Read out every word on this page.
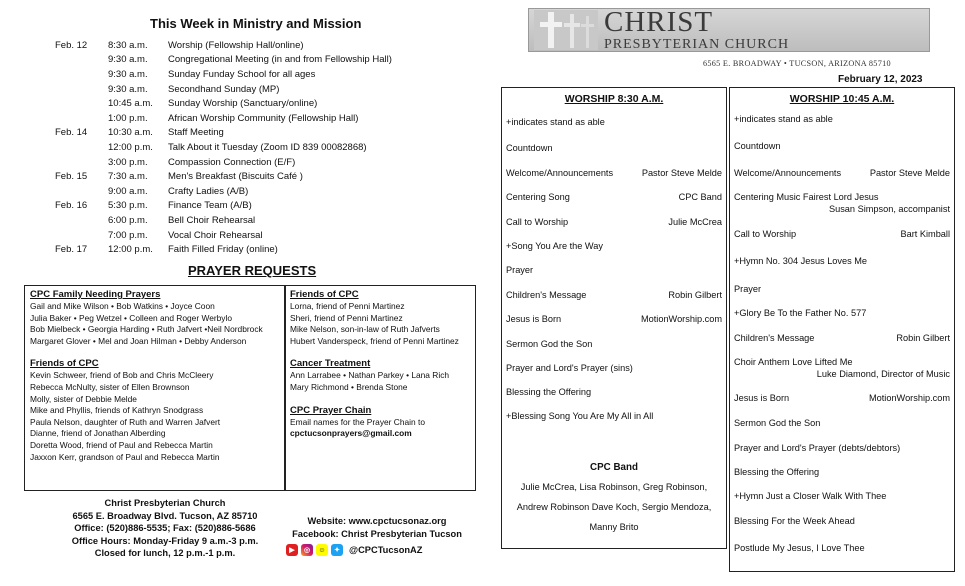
This Week in Ministry and Mission
Feb. 12	8:30 a.m.	Worship (Fellowship Hall/online)
9:30 a.m.	Congregational Meeting (in and from Fellowship Hall)
9:30 a.m.	Sunday Funday School for all ages
9:30 a.m.	Secondhand Sunday (MP)
10:45 a.m.	Sunday Worship (Sanctuary/online)
1:00 p.m.	African Worship Community (Fellowship Hall)
Feb. 14	10:30 a.m.	Staff Meeting
12:00 p.m.	Talk About it Tuesday (Zoom ID 839 00082868)
3:00 p.m.	Compassion Connection (E/F)
Feb. 15	7:30 a.m.	Men's Breakfast (Biscuits Café )
9:00 a.m.	Crafty Ladies (A/B)
Feb. 16	5:30 p.m.	Finance Team (A/B)
6:00 p.m.	Bell Choir Rehearsal
7:00 p.m.	Vocal Choir Rehearsal
Feb. 17	12:00 p.m.	Faith Filled Friday (online)
PRAYER REQUESTS
CPC Family Needing Prayers
Gail and Mike Wilson • Bob Watkins • Joyce Coon
Julia Baker • Peg Wetzel • Colleen and Roger Werbylo
Bob Mielbeck • Georgia Harding • Ruth Jafvert •Neil Nordbrock
Margaret Glover • Mel and Joan Hilman • Debby Anderson
Friends of CPC
Kevin Schweer, friend of Bob and Chris McCleery
Rebecca McNulty, sister of Ellen Brownson
Molly, sister of Debbie Melde
Mike and Phyllis, friends of Kathryn Snodgrass
Paula Nelson, daughter of Ruth and Warren Jafvert
Dianne, friend of Jonathan Alberding
Doretta Wood, friend of Paul and Rebecca Martin
Jaxxon Kerr, grandson of Paul and Rebecca Martin
Friends of CPC
Lorna, friend of Penni Martinez
Sheri, friend of Penni Martinez
Mike Nelson, son-in-law of Ruth Jafverts
Hubert Vanderspeck, friend of Penni Martinez
Cancer Treatment
Ann Larrabee • Nathan Parkey • Lana Rich
Mary Richmond • Brenda Stone
CPC Prayer Chain
Email names for the Prayer Chain to
cpctucsonprayers@gmail.com
Christ Presbyterian Church
6565 E. Broadway Blvd. Tucson, AZ 85710
Office: (520)886-5535; Fax: (520)886-5686
Office Hours: Monday-Friday 9 a.m.-3 p.m.
Closed for lunch, 12 p.m.-1 p.m.
Website: www.cpctucsonaz.org
Facebook: Christ Presbyterian Tucson
▶	◎	☺	✦ @CPCTucsonAZ
CHRIST
PRESBYTERIAN CHURCH
6565 E. BROADWAY • TUCSON, ARIZONA 85710
February 12, 2023
WORSHIP 8:30 A.M.
CPC Band
+indicates stand as able
Countdown
Welcome/Announcements	Pastor Steve Melde
Centering Song	CPC Band
Call to Worship	Julie McCrea
+Song You Are the Way
Prayer
Children's Message	Robin Gilbert
Jesus is Born	MotionWorship.com
Sermon God the Son
Prayer and Lord's Prayer (sins)
Blessing the Offering
+Blessing Song You Are My All in All
Julie McCrea, Lisa Robinson, Greg Robinson,
Andrew Robinson Dave Koch, Sergio Mendoza,
Manny Brito
WORSHIP 10:45 A.M.
+indicates stand as able
Countdown
Welcome/Announcements	Pastor Steve Melde
Centering Music Fairest Lord Jesus
Susan Simpson, accompanist
Call to Worship	Bart Kimball
+Hymn No. 304 Jesus Loves Me
Prayer
+Glory Be To the Father No. 577
Children's Message	Robin Gilbert
Choir Anthem Love Lifted Me
Luke Diamond, Director of Music
Jesus is Born	MotionWorship.com
Sermon God the Son
Prayer and Lord's Prayer (debts/debtors)
Blessing the Offering
+Hymn Just a Closer Walk With Thee
Blessing For the Week Ahead
Postlude My Jesus, I Love Thee
